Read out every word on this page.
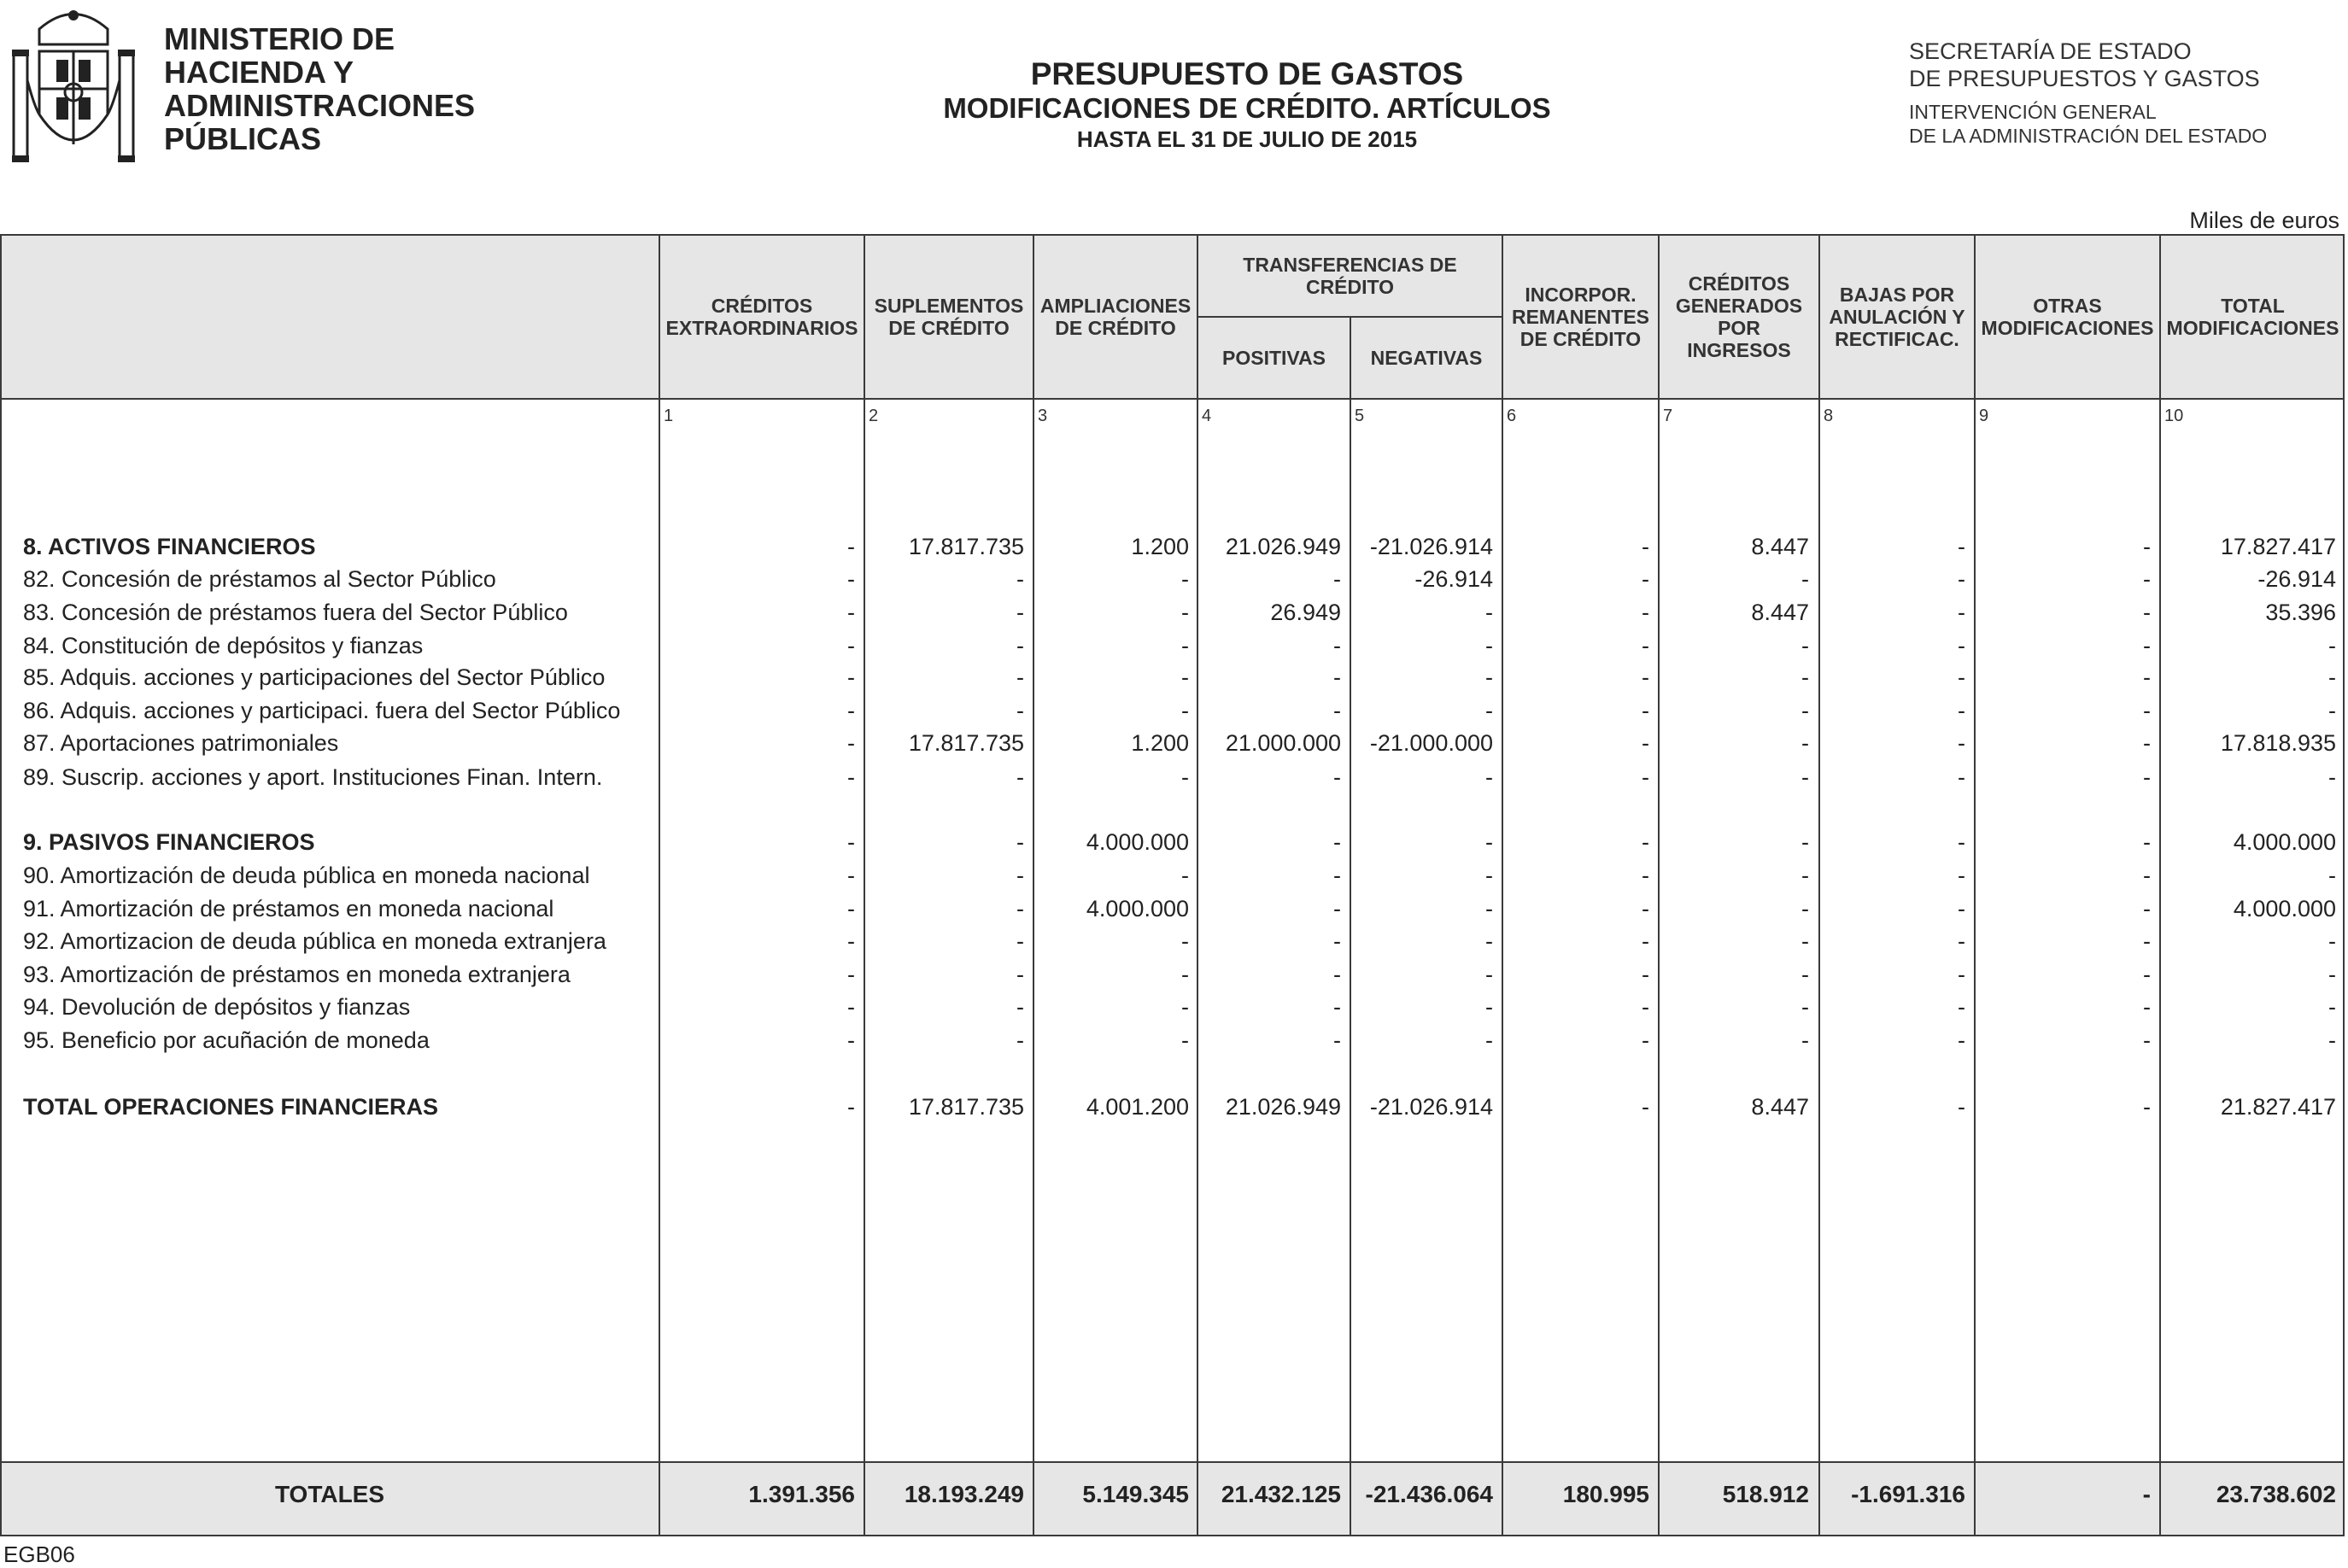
MINISTERIO DE
HACIENDA Y
ADMINISTRACIONES
PÚBLICAS
PRESUPUESTO DE GASTOS
MODIFICACIONES DE CRÉDITO. ARTÍCULOS
HASTA EL 31 DE JULIO DE 2015
SECRETARÍA DE ESTADO
DE PRESUPUESTOS Y GASTOS
INTERVENCIÓN GENERAL
DE LA ADMINISTRACIÓN DEL ESTADO
Miles de euros
CRÉDITOS
EXTRAORDINARIOS
SUPLEMENTOS
DE CRÉDITO
AMPLIACIONES
DE CRÉDITO
TRANSFERENCIAS DE
CRÉDITO
POSITIVAS	NEGATIVAS
INCORPOR.
REMANENTES
DE CRÉDITO
CRÉDITOS
GENERADOS
POR
INGRESOS
BAJAS POR
ANULACIÓN Y
RECTIFICAC.
OTRAS
MODIFICACIONES
TOTAL
MODIFICACIONES
1	2	3	4	5	6	7	8	9	10
8. ACTIVOS FINANCIEROS	-	17.817.735	1.200	21.026.949	-21.026.914	-	8.447	-	-	17.827.417
82. Concesión de préstamos al Sector Público	-	-	-	-	-26.914	-	-	-	-	-26.914
83. Concesión de préstamos fuera del Sector Público	-	-	-	26.949	-	-	8.447	-	-	35.396
84. Constitución de depósitos y fianzas	-	-	-	-	-	-	-	-	-	-
85. Adquis. acciones y participaciones del Sector Público	-	-	-	-	-	-	-	-	-	-
86. Adquis. acciones y participaci. fuera del Sector Público	-	-	-	-	-	-	-	-	-	-
87. Aportaciones patrimoniales	-	17.817.735	1.200	21.000.000	-21.000.000	-	-	-	-	17.818.935
89. Suscrip. acciones y aport. Instituciones Finan. Intern.	-	-	-	-	-	-	-	-	-	-
9. PASIVOS FINANCIEROS	-	-	4.000.000	-	-	-	-	-	-	4.000.000
90. Amortización de deuda pública en moneda nacional	-	-	-	-	-	-	-	-	-	-
91. Amortización de préstamos en moneda nacional	-	-	4.000.000	-	-	-	-	-	-	4.000.000
92. Amortizacion de deuda pública en moneda extranjera	-	-	-	-	-	-	-	-	-	-
93. Amortización de préstamos en moneda extranjera	-	-	-	-	-	-	-	-	-	-
94. Devolución de depósitos y fianzas	-	-	-	-	-	-	-	-	-	-
95. Beneficio por acuñación de moneda	-	-	-	-	-	-	-	-	-	-
TOTAL OPERACIONES FINANCIERAS	-	17.817.735	4.001.200	21.026.949	-21.026.914	-	8.447	-	-	21.827.417
TOTALES	1.391.356	18.193.249	5.149.345	21.432.125	-21.436.064	180.995	518.912	-1.691.316	-	23.738.602
EGB06
